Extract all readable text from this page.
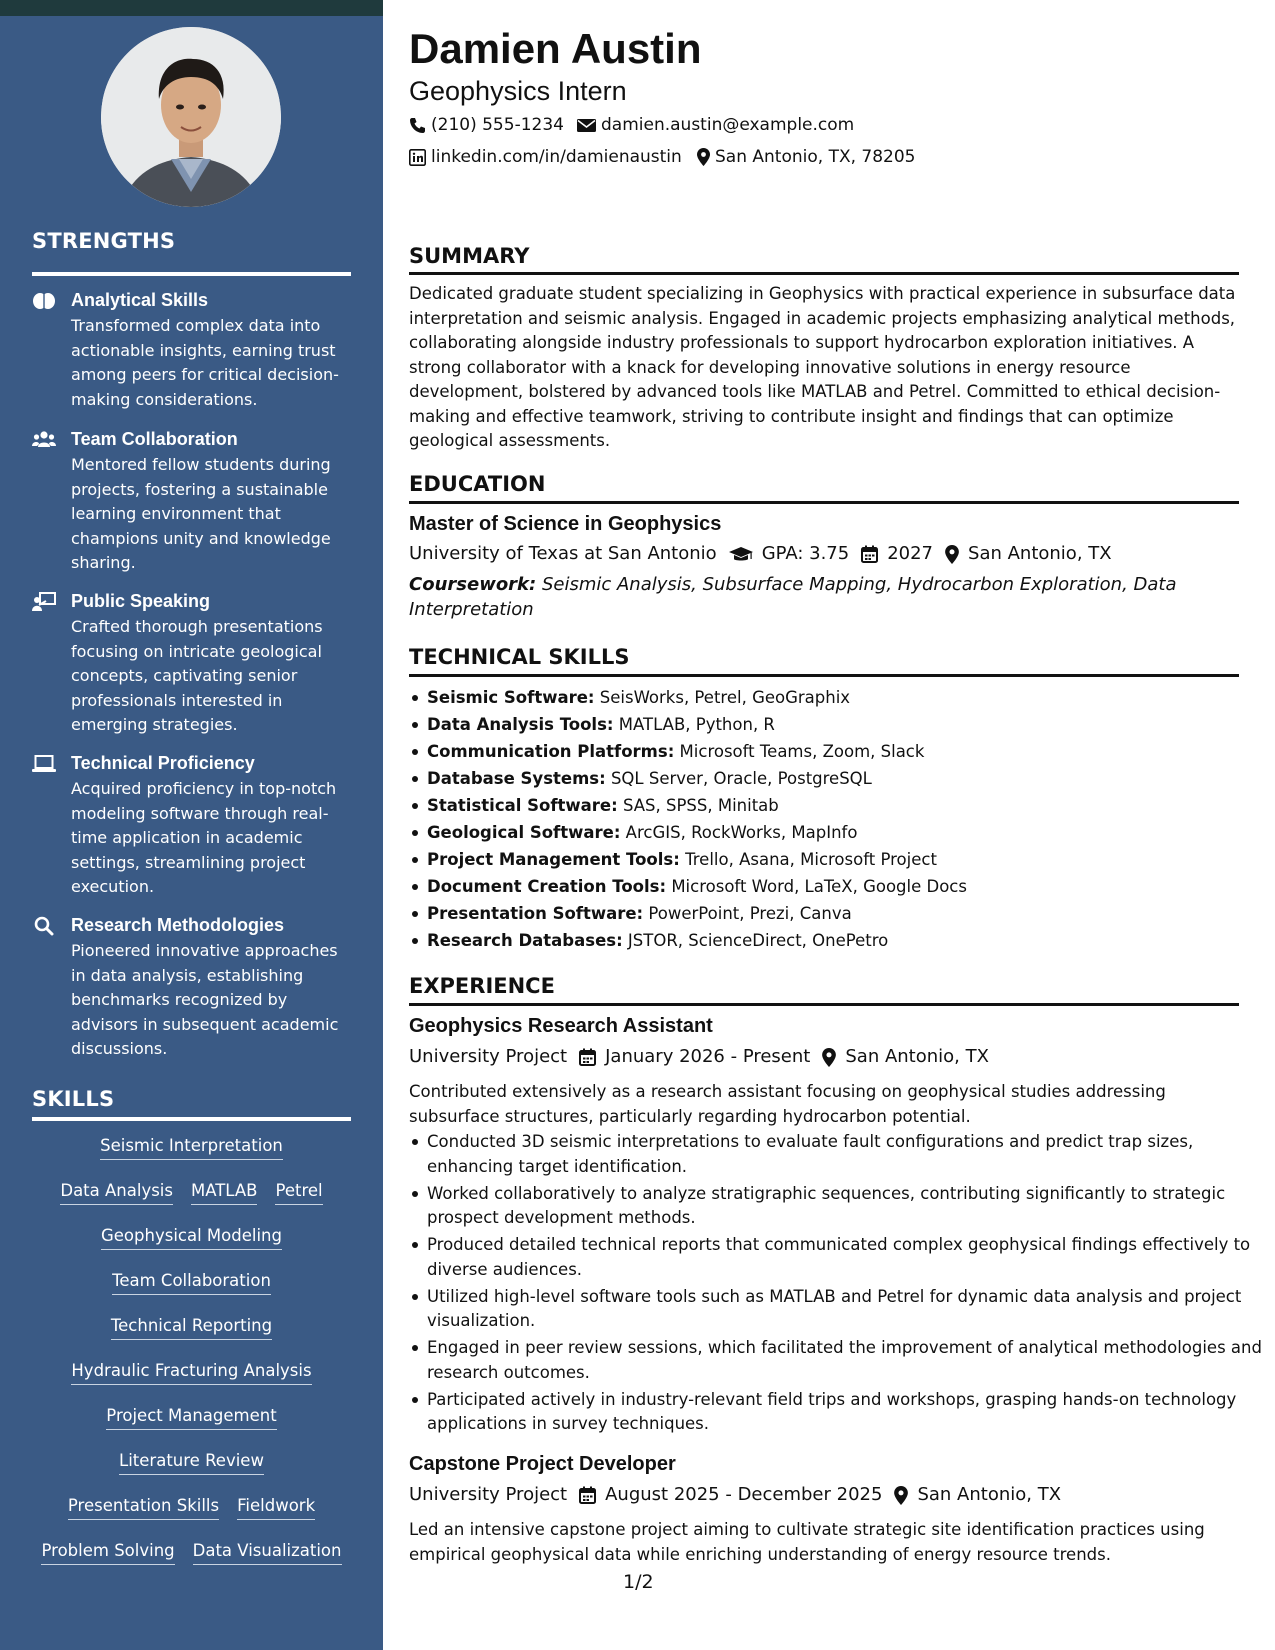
STRENGTHS
Analytical Skills
Transformed complex data into actionable insights, earning trust among peers for critical decision-making considerations.
Team Collaboration
Mentored fellow students during projects, fostering a sustainable learning environment that champions unity and knowledge sharing.
Public Speaking
Crafted thorough presentations focusing on intricate geological concepts, captivating senior professionals interested in emerging strategies.
Technical Proficiency
Acquired proficiency in top-notch modeling software through real-time application in academic settings, streamlining project execution.
Research Methodologies
Pioneered innovative approaches in data analysis, establishing benchmarks recognized by advisors in subsequent academic discussions.
SKILLS
Seismic Interpretation
Data Analysis MATLAB Petrel
Geophysical Modeling
Team Collaboration
Technical Reporting
Hydraulic Fracturing Analysis
Project Management
Literature Review
Presentation Skills Fieldwork
Problem Solving Data Visualization
Damien Austin
Geophysics Intern
(210) 555-1234 damien.austin@example.com
linkedin.com/in/damienaustin San Antonio, TX, 78205
SUMMARY
Dedicated graduate student specializing in Geophysics with practical experience in subsurface data interpretation and seismic analysis. Engaged in academic projects emphasizing analytical methods, collaborating alongside industry professionals to support hydrocarbon exploration initiatives. A strong collaborator with a knack for developing innovative solutions in energy resource development, bolstered by advanced tools like MATLAB and Petrel. Committed to ethical decision-making and effective teamwork, striving to contribute insight and findings that can optimize geological assessments.
EDUCATION
Master of Science in Geophysics
University of Texas at San Antonio	GPA: 3.75 2027 San Antonio, TX
Coursework: Seismic Analysis, Subsurface Mapping, Hydrocarbon Exploration, Data Interpretation
TECHNICAL SKILLS
Seismic Software: SeisWorks, Petrel, GeoGraphix
Data Analysis Tools: MATLAB, Python, R
Communication Platforms: Microsoft Teams, Zoom, Slack
Database Systems: SQL Server, Oracle, PostgreSQL
Statistical Software: SAS, SPSS, Minitab
Geological Software: ArcGIS, RockWorks, MapInfo
Project Management Tools: Trello, Asana, Microsoft Project
Document Creation Tools: Microsoft Word, LaTeX, Google Docs
Presentation Software: PowerPoint, Prezi, Canva
Research Databases: JSTOR, ScienceDirect, OnePetro
EXPERIENCE
Geophysics Research Assistant
University Project January 2026 - Present San Antonio, TX
Contributed extensively as a research assistant focusing on geophysical studies addressing subsurface structures, particularly regarding hydrocarbon potential.
Conducted 3D seismic interpretations to evaluate fault configurations and predict trap sizes, enhancing target identification.
Worked collaboratively to analyze stratigraphic sequences, contributing significantly to strategic prospect development methods.
Produced detailed technical reports that communicated complex geophysical findings effectively to diverse audiences.
Utilized high-level software tools such as MATLAB and Petrel for dynamic data analysis and project visualization.
Engaged in peer review sessions, which facilitated the improvement of analytical methodologies and research outcomes.
Participated actively in industry-relevant field trips and workshops, grasping hands-on technology applications in survey techniques.
Capstone Project Developer
University Project August 2025 - December 2025 San Antonio, TX
Led an intensive capstone project aiming to cultivate strategic site identification practices using empirical geophysical data while enriching understanding of energy resource trends.
1/2
